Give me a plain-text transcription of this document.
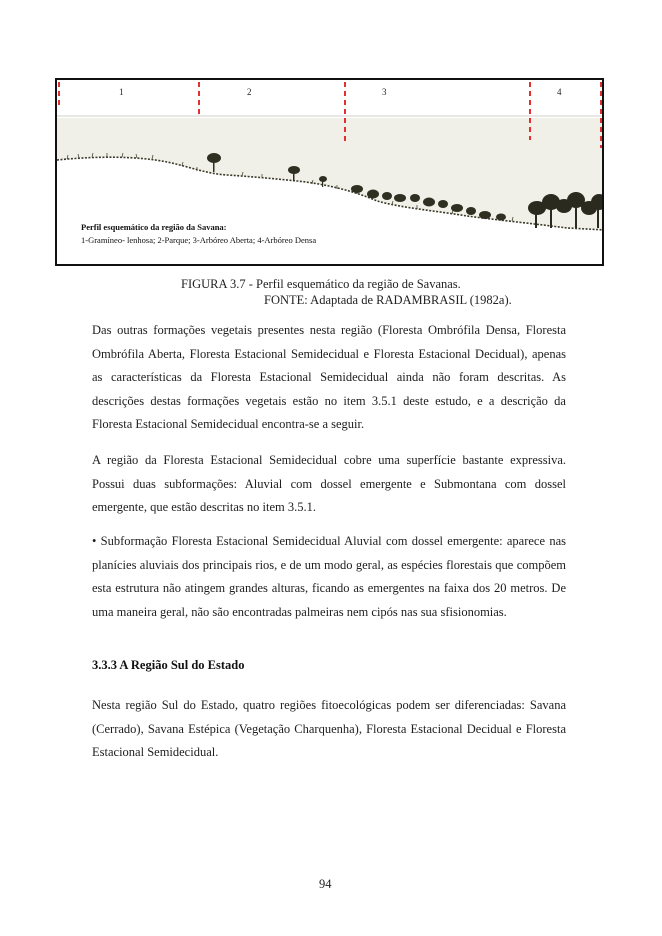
1	2	3	4
Perfil esquemático da região da Savana:
1-Gramíneo- lenhosa; 2-Parque; 3-Arbóreo Aberta; 4-Arbóreo Densa
FIGURA 3.7 - Perfil esquemático da região de Savanas.
FONTE: Adaptada de RADAMBRASIL (1982a).

Das outras formações vegetais presentes nesta região (Floresta Ombrófila Densa, Floresta Ombrófila Aberta, Floresta Estacional Semidecidual e Floresta Estacional Decidual), apenas as características da Floresta Estacional Semidecidual ainda não foram descritas. As descrições destas formações vegetais estão no item 3.5.1 deste estudo, e a descrição da Floresta Estacional Semidecidual encontra-se a seguir.

A região da Floresta Estacional Semidecidual cobre uma superfície bastante expressiva. Possui duas subformações: Aluvial com dossel emergente e Submontana com dossel emergente, que estão descritas no item 3.5.1.

• Subformação Floresta Estacional Semidecidual Aluvial com dossel emergente: aparece nas planícies aluviais dos principais rios, e de um modo geral, as espécies florestais que compõem esta estrutura não atingem grandes alturas, ficando as emergentes na faixa dos 20 metros. De uma maneira geral, não são encontradas palmeiras nem cipós nas sua sfisionomias.

3.3.3 A Região Sul do Estado

Nesta região Sul do Estado, quatro regiões fitoecológicas podem ser diferenciadas: Savana (Cerrado), Savana Estépica (Vegetação Charquenha), Floresta Estacional Decidual e Floresta Estacional Semidecidual.

94
